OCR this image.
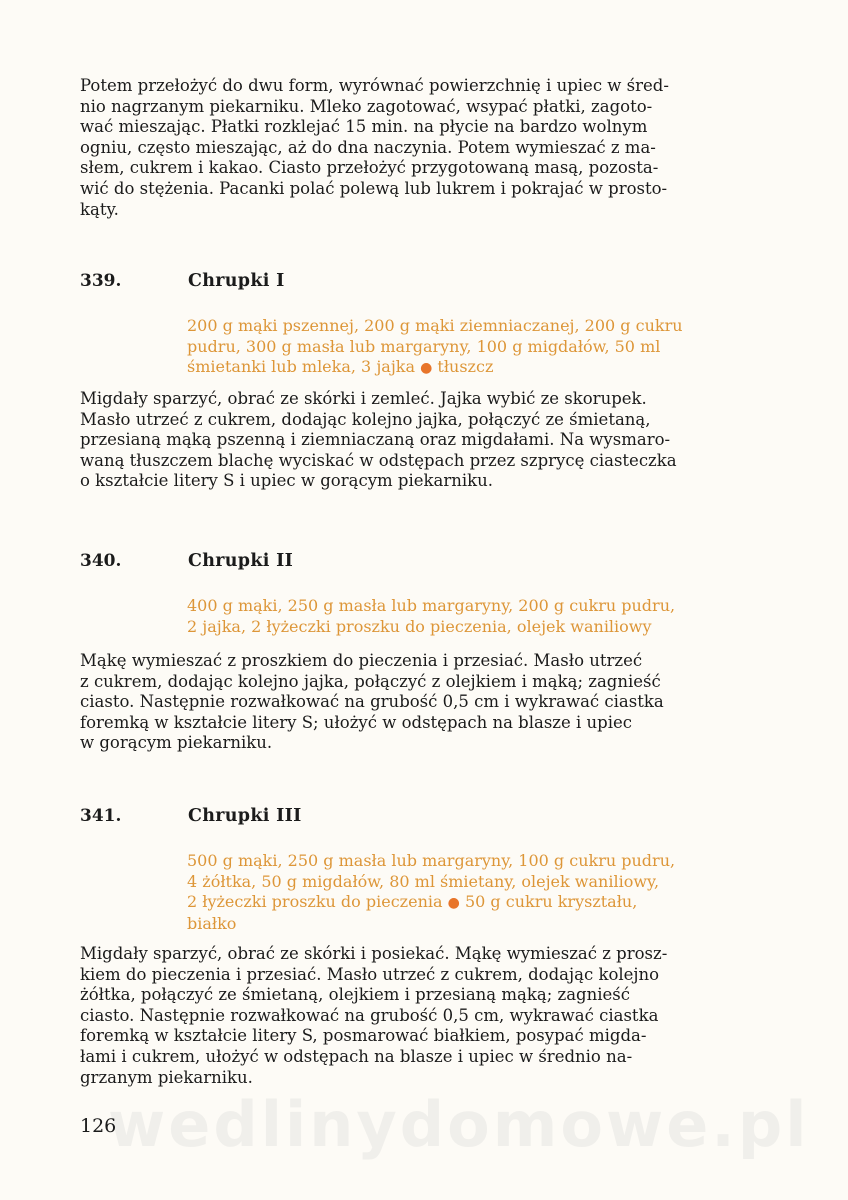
Potem przełożyć do dwu form, wyrównać powierzchnię i upiec w śred-
nio nagrzanym piekarniku. Mleko zagotować, wsypać płatki, zagoto-
wać mieszając. Płatki rozklejać 15 min. na płycie na bardzo wolnym
ogniu, często mieszając, aż do dna naczynia. Potem wymieszać z ma-
słem, cukrem i kakao. Ciasto przełożyć przygotowaną masą, pozosta-
wić do stężenia. Pacanki polać polewą lub lukrem i pokrajać w prosto-
kąty.

339.	Chrupki I

200 g mąki pszennej, 200 g mąki ziemniaczanej, 200 g cukru
pudru, 300 g masła lub margaryny, 100 g migdałów, 50 ml
śmietanki lub mleka, 3 jajka ● tłuszcz

Migdały sparzyć, obrać ze skórki i zemleć. Jajka wybić ze skorupek.
Masło utrzeć z cukrem, dodając kolejno jajka, połączyć ze śmietaną,
przesianą mąką pszenną i ziemniaczaną oraz migdałami. Na wysmaro-
waną tłuszczem blachę wyciskać w odstępach przez szprycę ciasteczka
o kształcie litery S i upiec w gorącym piekarniku.

340.	Chrupki II

400 g mąki, 250 g masła lub margaryny, 200 g cukru pudru,
2 jajka, 2 łyżeczki proszku do pieczenia, olejek waniliowy

Mąkę wymieszać z proszkiem do pieczenia i przesiać. Masło utrzeć
z cukrem, dodając kolejno jajka, połączyć z olejkiem i mąką; zagnieść
ciasto. Następnie rozwałkować na grubość 0,5 cm i wykrawać ciastka
foremką w kształcie litery S; ułożyć w odstępach na blasze i upiec
w gorącym piekarniku.

341.	Chrupki III

500 g mąki, 250 g masła lub margaryny, 100 g cukru pudru,
4 żółtka, 50 g migdałów, 80 ml śmietany, olejek waniliowy,
2 łyżeczki proszku do pieczenia ● 50 g cukru kryształu,
białko

Migdały sparzyć, obrać ze skórki i posiekać. Mąkę wymieszać z prosz-
kiem do pieczenia i przesiać. Masło utrzeć z cukrem, dodając kolejno
żółtka, połączyć ze śmietaną, olejkiem i przesianą mąką; zagnieść
ciasto. Następnie rozwałkować na grubość 0,5 cm, wykrawać ciastka
foremką w kształcie litery S, posmarować białkiem, posypać migda-
łami i cukrem, ułożyć w odstępach na blasze i upiec w średnio na-
grzanym piekarniku.

wedlinydomowe.pl
126
